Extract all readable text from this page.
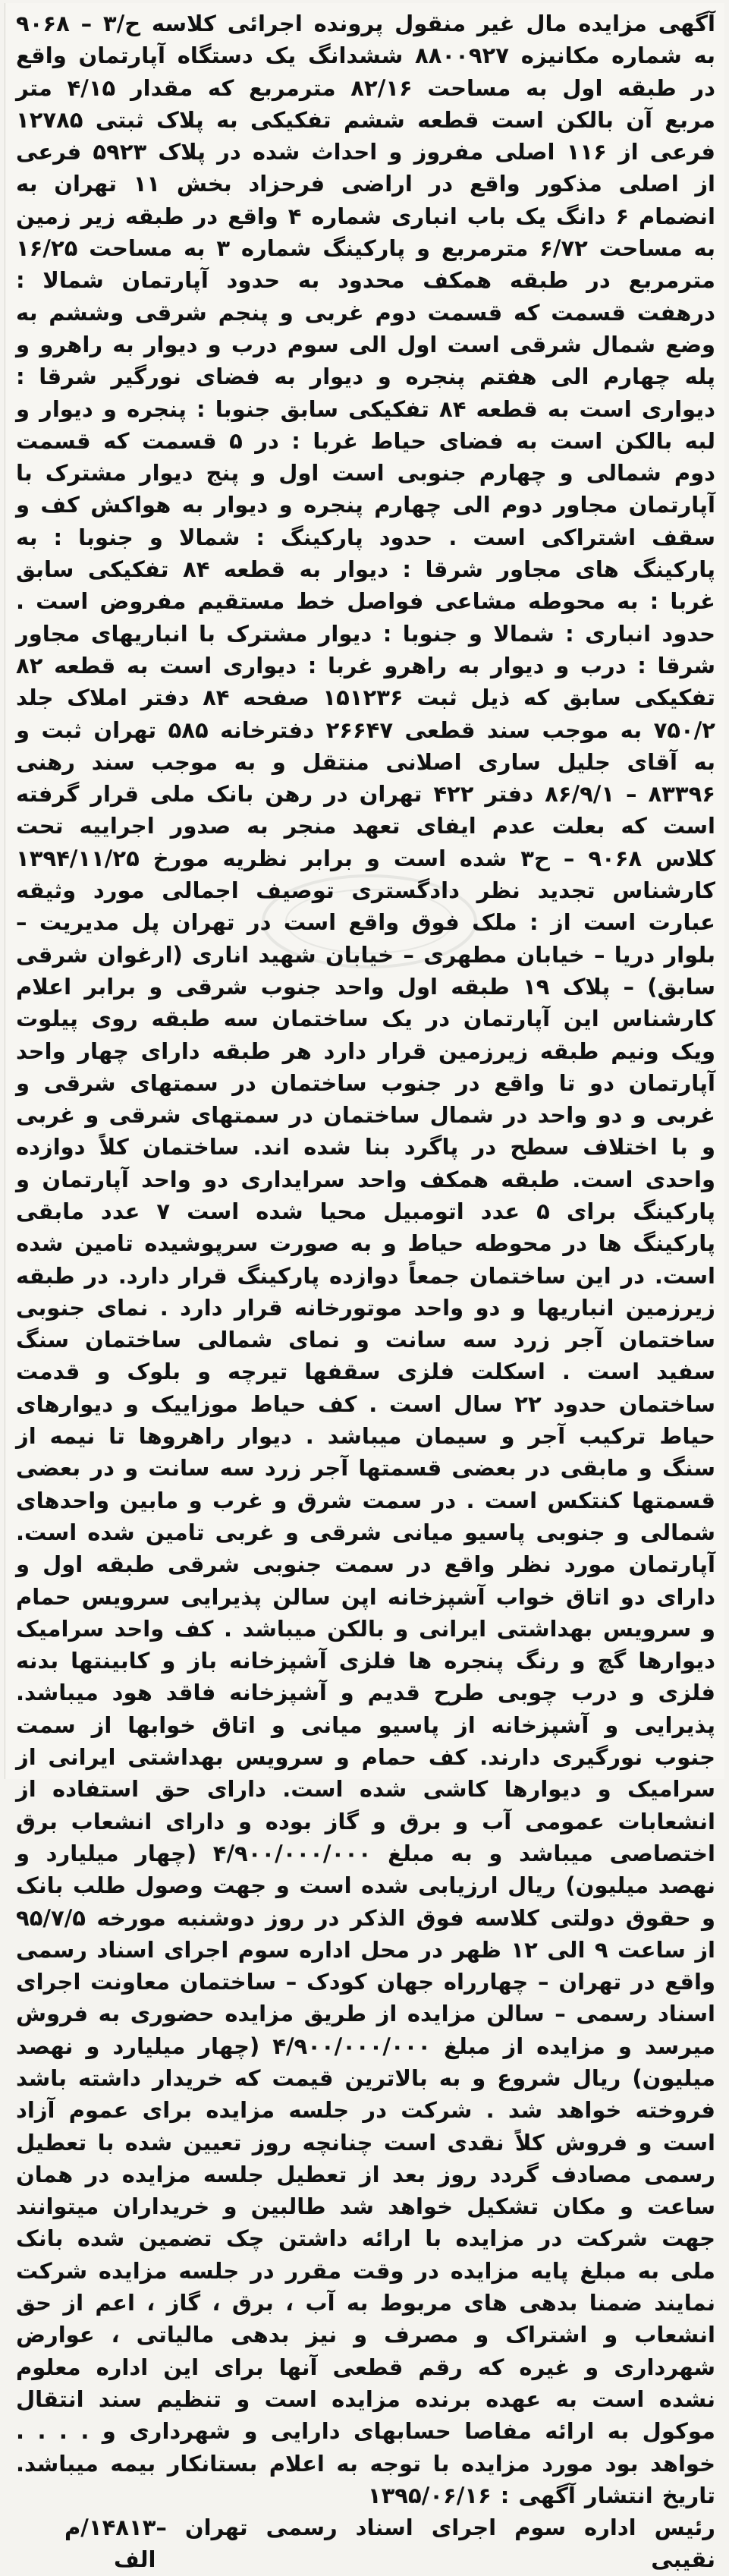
آگهی مزایده مال غیر منقول پرونده اجرائی کلاسه ح/۳ – ۹۰۶۸ به شماره مکانیزه ۸۸۰۰۹۲۷ ششدانگ یک دستگاه آپارتمان واقع در طبقه اول به مساحت ۸۲/۱۶ مترمربع که مقدار ۴/۱۵ متر مربع آن بالکن است قطعه ششم تفکیکی به پلاک ثبتی ۱۲۷۸۵ فرعی از ۱۱۶ اصلی مفروز و احداث شده در پلاک ۵۹۲۳ فرعی از اصلی مذکور واقع در اراضی فرحزاد بخش ۱۱ تهران به انضمام ۶ دانگ یک باب انباری شماره ۴ واقع در طبقه زیر زمین به مساحت ۶/۷۲ مترمربع و پارکینگ شماره ۳ به مساحت ۱۶/۲۵ مترمربع در طبقه همکف محدود به حدود آپارتمان شمالا : درهفت قسمت که قسمت دوم غربی و پنجم شرقی وششم به وضع شمال شرقی است اول الی سوم درب و دیوار به راهرو و پله چهارم الی هفتم پنجره و دیوار به فضای نورگیر شرقا : دیواری است به قطعه ۸۴ تفکیکی سابق جنوبا : پنجره و دیوار و لبه بالکن است به فضای حیاط غربا : در ۵ قسمت که قسمت دوم شمالی و چهارم جنوبی است اول و پنج دیوار مشترک با آپارتمان مجاور دوم الی چهارم پنجره و دیوار به هواکش کف و سقف اشتراکی است . حدود پارکینگ : شمالا و جنوبا : به پارکینگ های مجاور شرقا : دیوار به قطعه ۸۴ تفکیکی سابق غربا : به محوطه مشاعی فواصل خط مستقیم مفروض است . حدود انباری : شمالا و جنوبا : دیوار مشترک با انباریهای مجاور شرقا : درب و دیوار به راهرو غربا : دیواری است به قطعه ۸۲ تفکیکی سابق که ذیل ثبت ۱۵۱۲۳۶ صفحه ۸۴ دفتر املاک جلد ۷۵۰/۲ به موجب سند قطعی ۲۶۶۴۷ دفترخانه ۵۸۵ تهران ثبت و به آقای جلیل ساری اصلانی منتقل و به موجب سند رهنی ۸۳۳۹۶ – ۸۶/۹/۱ دفتر ۴۲۲ تهران در رهن بانک ملی قرار گرفته است که بعلت عدم ایفای تعهد منجر به صدور اجراییه تحت کلاس ۹۰۶۸ – ح۳ شده است و برابر نظریه مورخ ۱۳۹۴/۱۱/۲۵ کارشناس تجدید نظر دادگستری توصیف اجمالی مورد وثیقه عبارت است از : ملک فوق واقع است در تهران پل مدیریت – بلوار دریا – خیابان مطهری – خیابان شهید اناری (ارغوان شرقی سابق) – پلاک ۱۹ طبقه اول واحد جنوب شرقی و برابر اعلام کارشناس این آپارتمان در یک ساختمان سه طبقه روی پیلوت ویک ونیم طبقه زیرزمین قرار دارد هر طبقه دارای چهار واحد آپارتمان دو تا واقع در جنوب ساختمان در سمتهای شرقی و غربی و دو واحد در شمال ساختمان در سمتهای شرقی و غربی و با اختلاف سطح در پاگرد بنا شده اند. ساختمان کلاً دوازده واحدی است. طبقه همکف واحد سرایداری دو واحد آپارتمان و پارکینگ برای ۵ عدد اتومبیل محیا شده است ۷ عدد مابقی پارکینگ ها در محوطه حیاط و به صورت سرپوشیده تامین شده است. در این ساختمان جمعاً دوازده پارکینگ قرار دارد. در طبقه زیرزمین انباریها و دو واحد موتورخانه قرار دارد . نمای جنوبی ساختمان آجر زرد سه سانت و نمای شمالی ساختمان سنگ سفید است . اسکلت فلزی سقفها تیرچه و بلوک و قدمت ساختمان حدود ۲۲ سال است . کف حیاط موزاییک و دیوارهای حیاط ترکیب آجر و سیمان میباشد . دیوار راهروها تا نیمه از سنگ و مابقی در بعضی قسمتها آجر زرد سه سانت و در بعضی قسمتها کنتکس است . در سمت شرق و غرب و مابین واحدهای شمالی و جنوبی پاسیو میانی شرقی و غربی تامین شده است. آپارتمان مورد نظر واقع در سمت جنوبی شرقی طبقه اول و دارای دو اتاق خواب آشپزخانه اپن سالن پذیرایی سرویس حمام و سرویس بهداشتی ایرانی و بالکن میباشد . کف واحد سرامیک دیوارها گچ و رنگ پنجره ها فلزی آشپزخانه باز و کابینتها بدنه فلزی و درب چوبی طرح قدیم و آشپزخانه فاقد هود میباشد. پذیرایی و آشپزخانه از پاسیو میانی و اتاق خوابها از سمت جنوب نورگیری دارند. کف حمام و سرویس بهداشتی ایرانی از سرامیک و دیوارها کاشی شده است. دارای حق استفاده از انشعابات عمومی آب و برق و گاز بوده و دارای انشعاب برق اختصاصی میباشد و به مبلغ ۴/۹۰۰/۰۰۰/۰۰۰ (چهار میلیارد و نهصد میلیون) ریال ارزیابی شده است و جهت وصول طلب بانک و حقوق دولتی کلاسه فوق الذکر در روز دوشنبه مورخه ۹۵/۷/۵ از ساعت ۹ الی ۱۲ ظهر در محل اداره سوم اجرای اسناد رسمی واقع در تهران – چهارراه جهان کودک – ساختمان معاونت اجرای اسناد رسمی – سالن مزایده از طریق مزایده حضوری به فروش میرسد و مزایده از مبلغ ۴/۹۰۰/۰۰۰/۰۰۰ (چهار میلیارد و نهصد میلیون) ریال شروع و به بالاترین قیمت که خریدار داشته باشد فروخته خواهد شد . شرکت در جلسه مزایده برای عموم آزاد است و فروش کلاً نقدی است چنانچه روز تعیین شده با تعطیل رسمی مصادف گردد روز بعد از تعطیل جلسه مزایده در همان ساعت و مکان تشکیل خواهد شد طالبین و خریداران میتوانند جهت شرکت در مزایده با ارائه داشتن چک تضمین شده بانک ملی به مبلغ پایه مزایده در وقت مقرر در جلسه مزایده شرکت نمایند ضمنا بدهی های مربوط به آب ، برق ، گاز ، اعم از حق انشعاب و اشتراک و مصرف و نیز بدهی مالیاتی ، عوارض شهرداری و غیره که رقم قطعی آنها برای این اداره معلوم نشده است به عهده برنده مزایده است و تنظیم سند انتقال موکول به ارائه مفاصا حسابهای دارایی و شهرداری و . . . . خواهد بود مورد مزایده با توجه به اعلام بستانکار بیمه میباشد. تاریخ انتشار آگهی : ۱۳۹۵/۰۶/۱۶

رئیس اداره سوم اجرای اسناد رسمی تهران – نقیبی
۱۴۸۱۳/م الف
